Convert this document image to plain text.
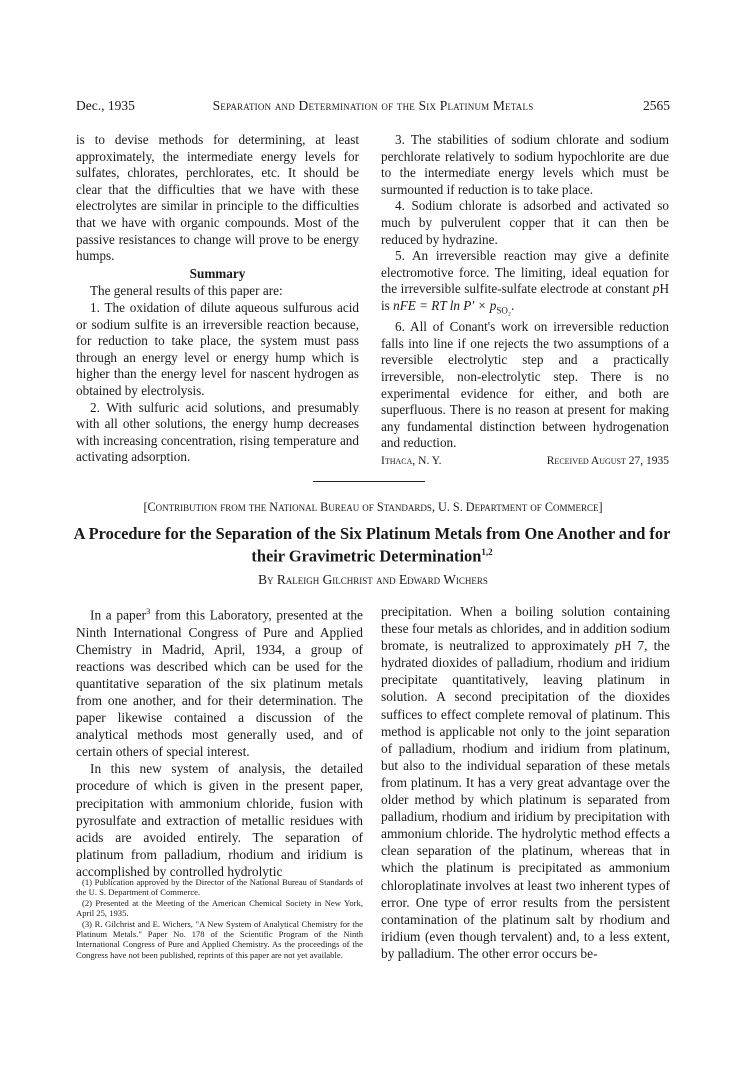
Dec., 1935	Separation and Determination of the Six Platinum Metals	2565

is to devise methods for determining, at least approximately, the intermediate energy levels for sulfates, chlorates, perchlorates, etc. It should be clear that the difficulties that we have with these electrolytes are similar in principle to the difficulties that we have with organic compounds. Most of the passive resistances to change will prove to be energy humps.

Summary

The general results of this paper are:

1. The oxidation of dilute aqueous sulfurous acid or sodium sulfite is an irreversible reaction because, for reduction to take place, the system must pass through an energy level or energy hump which is higher than the energy level for nascent hydrogen as obtained by electrolysis.

2. With sulfuric acid solutions, and presumably with all other solutions, the energy hump decreases with increasing concentration, rising temperature and activating adsorption.

3. The stabilities of sodium chlorate and sodium perchlorate relatively to sodium hypochlorite are due to the intermediate energy levels which must be surmounted if reduction is to take place.

4. Sodium chlorate is adsorbed and activated so much by pulverulent copper that it can then be reduced by hydrazine.

5. An irreversible reaction may give a definite electromotive force. The limiting, ideal equation for the irreversible sulfite-sulfate electrode at constant pH is nFE = RT $\ln P' \times p_{SO_2}$.

6. All of Conant's work on irreversible reduction falls into line if one rejects the two assumptions of a reversible electrolytic step and a practically irreversible, non-electrolytic step. There is no experimental evidence for either, and both are superfluous. There is no reason at present for making any fundamental distinction between hydrogenation and reduction.

Ithaca, N. Y.	Received August 27, 1935
[Contribution from the National Bureau of Standards, U. S. Department of Commerce]
A Procedure for the Separation of the Six Platinum Metals from One Another and for
their Gravimetric Determination$^{1,2}$
By Raleigh Gilchrist and Edward Wichers

In a paper$^3$ from this Laboratory, presented at the Ninth International Congress of Pure and Applied Chemistry in Madrid, April, 1934, a group of reactions was described which can be used for the quantitative separation of the six platinum metals from one another, and for their determination. The paper likewise contained a discussion of the analytical methods most generally used, and of certain others of special interest.

In this new system of analysis, the detailed procedure of which is given in the present paper, precipitation with ammonium chloride, fusion with pyrosulfate and extraction of metallic residues with acids are avoided entirely. The separation of platinum from palladium, rhodium and iridium is accomplished by controlled hydrolytic

(1) Publication approved by the Director of the National Bureau of Standards of the U. S. Department of Commerce.

(2) Presented at the Meeting of the American Chemical Society in New York, April 25, 1935.

(3) R. Gilchrist and E. Wichers, "A New System of Analytical Chemistry for the Platinum Metals." Paper No. 178 of the Scientific Program of the Ninth International Congress of Pure and Applied Chemistry. As the proceedings of the Congress have not been published, reprints of this paper are not yet available.

precipitation. When a boiling solution containing these four metals as chlorides, and in addition sodium bromate, is neutralized to approximately pH 7, the hydrated dioxides of palladium, rhodium and iridium precipitate quantitatively, leaving platinum in solution. A second precipitation of the dioxides suffices to effect complete removal of platinum. This method is applicable not only to the joint separation of palladium, rhodium and iridium from platinum, but also to the individual separation of these metals from platinum. It has a very great advantage over the older method by which platinum is separated from palladium, rhodium and iridium by precipitation with ammonium chloride. The hydrolytic method effects a clean separation of the platinum, whereas that in which the platinum is precipitated as ammonium chloroplatinate involves at least two inherent types of error. One type of error results from the persistent contamination of the platinum salt by rhodium and iridium (even though tervalent) and, to a less extent, by palladium. The other error occurs be-
